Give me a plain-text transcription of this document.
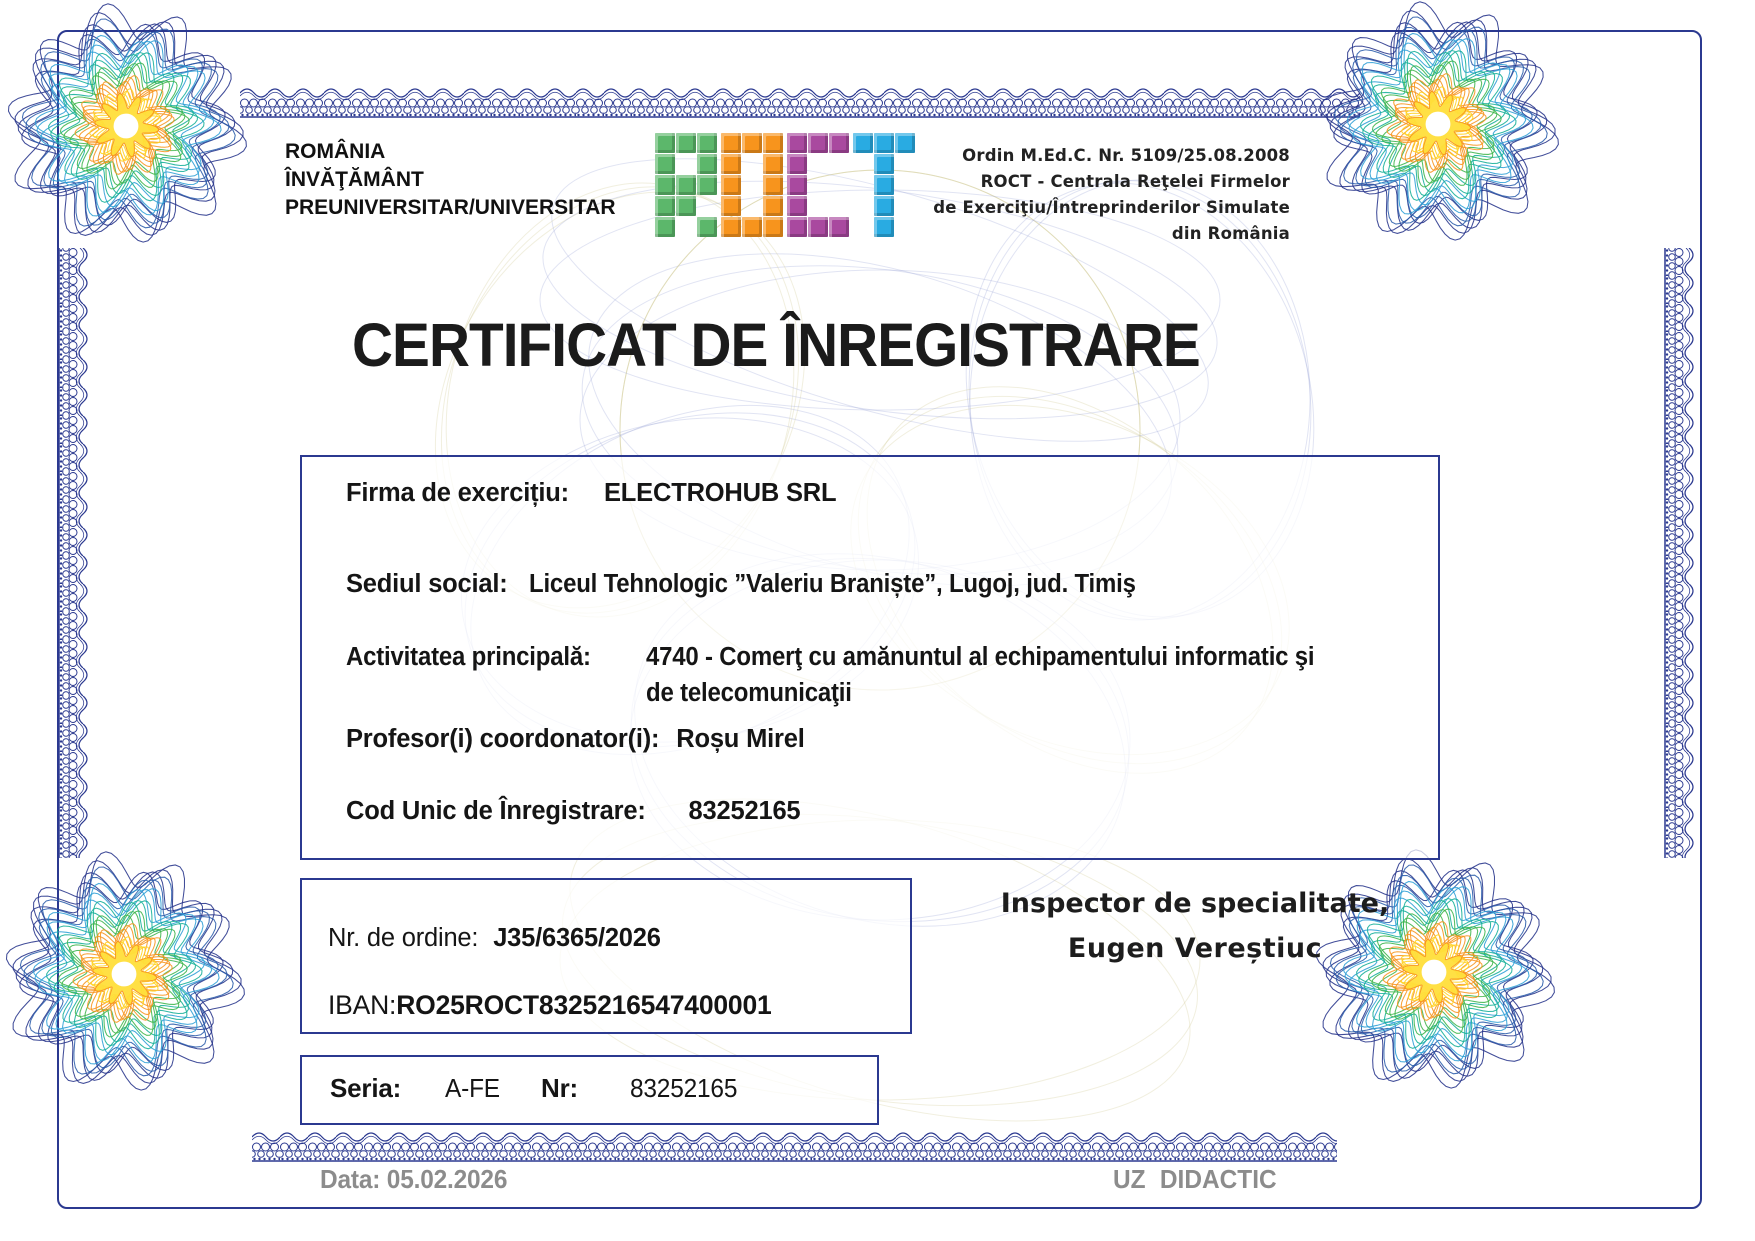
ROMÂNIA
ÎNVĂŢĂMÂNT
PREUNIVERSITAR/UNIVERSITAR
Ordin M.Ed.C. Nr. 5109/25.08.2008
ROCT - Centrala Reţelei Firmelor
de Exerciţiu/Întreprinderilor Simulate
din România
CERTIFICAT DE ÎNREGISTRARE
Firma de exercițiu: ELECTROHUB SRL
Sediul social: Liceul Tehnologic ”Valeriu Braniște”, Lugoj, jud. Timiş
Activitatea principală: 4740 - Comerţ cu amănuntul al echipamentului informatic şi
de telecomunicaţii
Profesor(i) coordonator(i): Roșu Mirel
Cod Unic de Înregistrare: 83252165
Nr. de ordine: J35/6365/2026
IBAN:RO25ROCT8325216547400001
Inspector de specialitate,
Eugen Vereștiuc
Seria: A-FE Nr: 83252165
Data: 05.02.2026	UZ DIDACTIC
